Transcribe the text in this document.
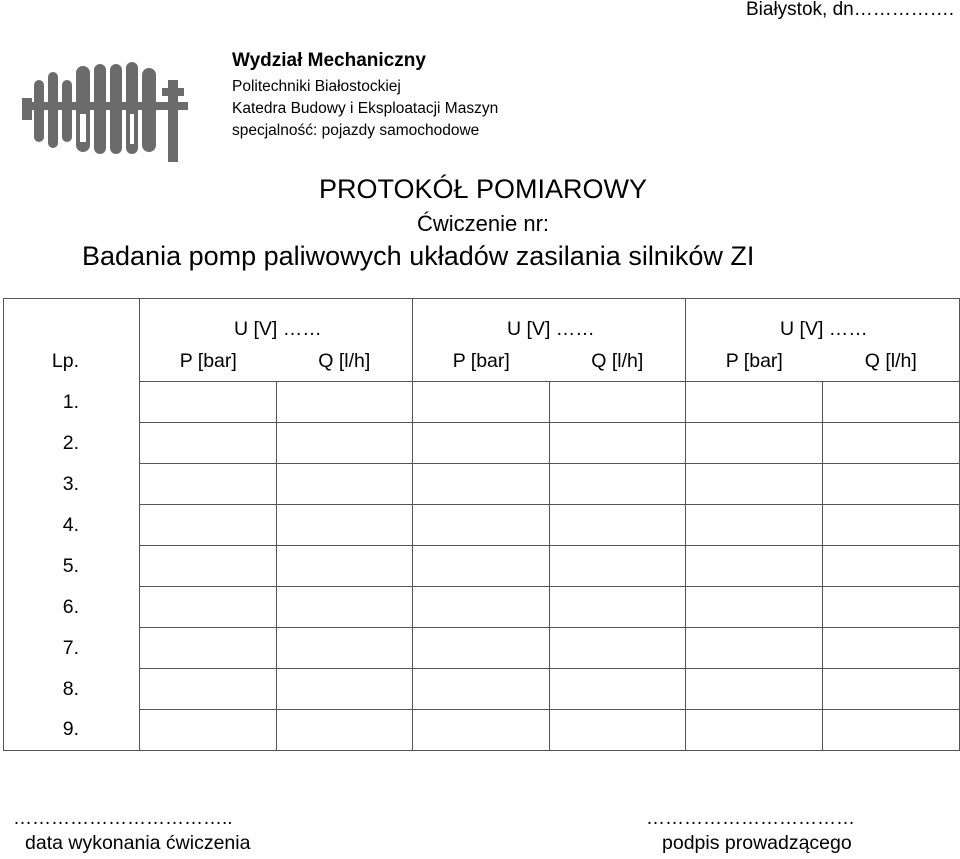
Białystok, dn…………….
Wydział Mechaniczny
Politechniki Białostockiej
Katedra Budowy i Eksploatacji Maszyn
specjalność: pojazdy samochodowe
PROTOKÓŁ POMIAROWY
Ćwiczenie nr:
Badania pomp paliwowych układów zasilania silników ZI
	U [V] ……		U [V] ……		U [V] ……	
Lp.	P [bar]	Q [l/h]	P [bar]	Q [l/h]	P [bar]	Q [l/h]
1.						
2.						
3.						
4.						
5.						
6.						
7.						
8.						
9.						
……………………………..
data wykonania ćwiczenia
……………………………
podpis prowadzącego
